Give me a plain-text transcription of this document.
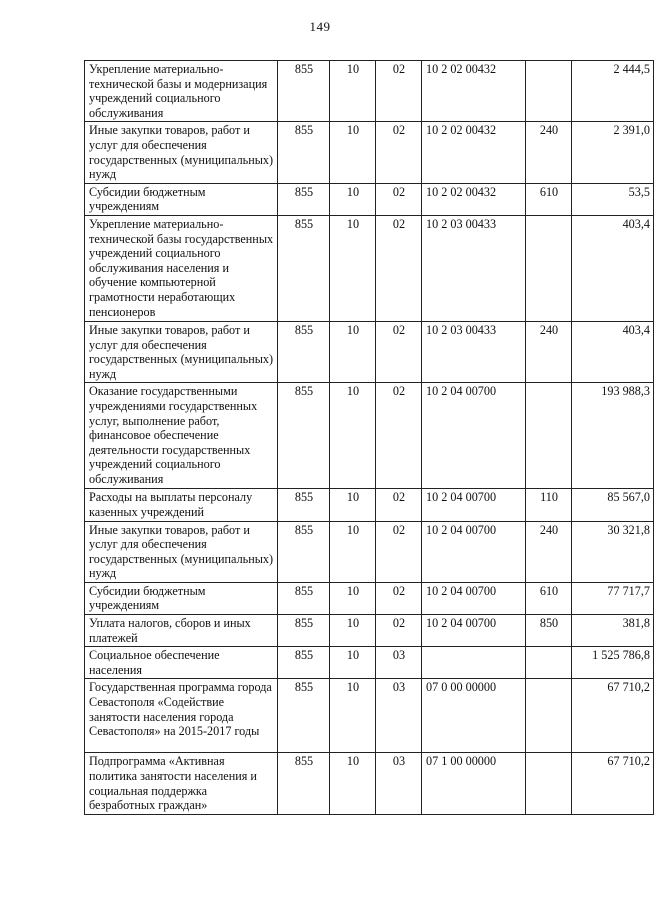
149
Укрепление материально-технической базы и модернизация учреждений социального обслуживания	855	10	02	10 2 02 00432		2 444,5
Иные закупки товаров, работ и услуг для обеспечения государственных (муниципальных) нужд	855	10	02	10 2 02 00432	240	2 391,0
Субсидии бюджетным учреждениям	855	10	02	10 2 02 00432	610	53,5
Укрепление материально-технической базы государственных учреждений социального обслуживания населения и обучение компьютерной грамотности неработающих пенсионеров	855	10	02	10 2 03 00433		403,4
Иные закупки товаров, работ и услуг для обеспечения государственных (муниципальных) нужд	855	10	02	10 2 03 00433	240	403,4
Оказание государственными учреждениями государственных услуг, выполнение работ, финансовое обеспечение деятельности государственных учреждений социального обслуживания	855	10	02	10 2 04 00700		193 988,3
Расходы на выплаты персоналу казенных учреждений	855	10	02	10 2 04 00700	110	85 567,0
Иные закупки товаров, работ и услуг для обеспечения государственных (муниципальных) нужд	855	10	02	10 2 04 00700	240	30 321,8
Субсидии бюджетным учреждениям	855	10	02	10 2 04 00700	610	77 717,7
Уплата налогов, сборов и иных платежей	855	10	02	10 2 04 00700	850	381,8
Социальное обеспечение населения	855	10	03			1 525 786,8
Государственная программа города Севастополя «Содействие занятости населения города Севастополя» на 2015-2017 годы	855	10	03	07 0 00 00000		67 710,2
Подпрограмма «Активная политика занятости населения и социальная поддержка безработных граждан»	855	10	03	07 1 00 00000		67 710,2
